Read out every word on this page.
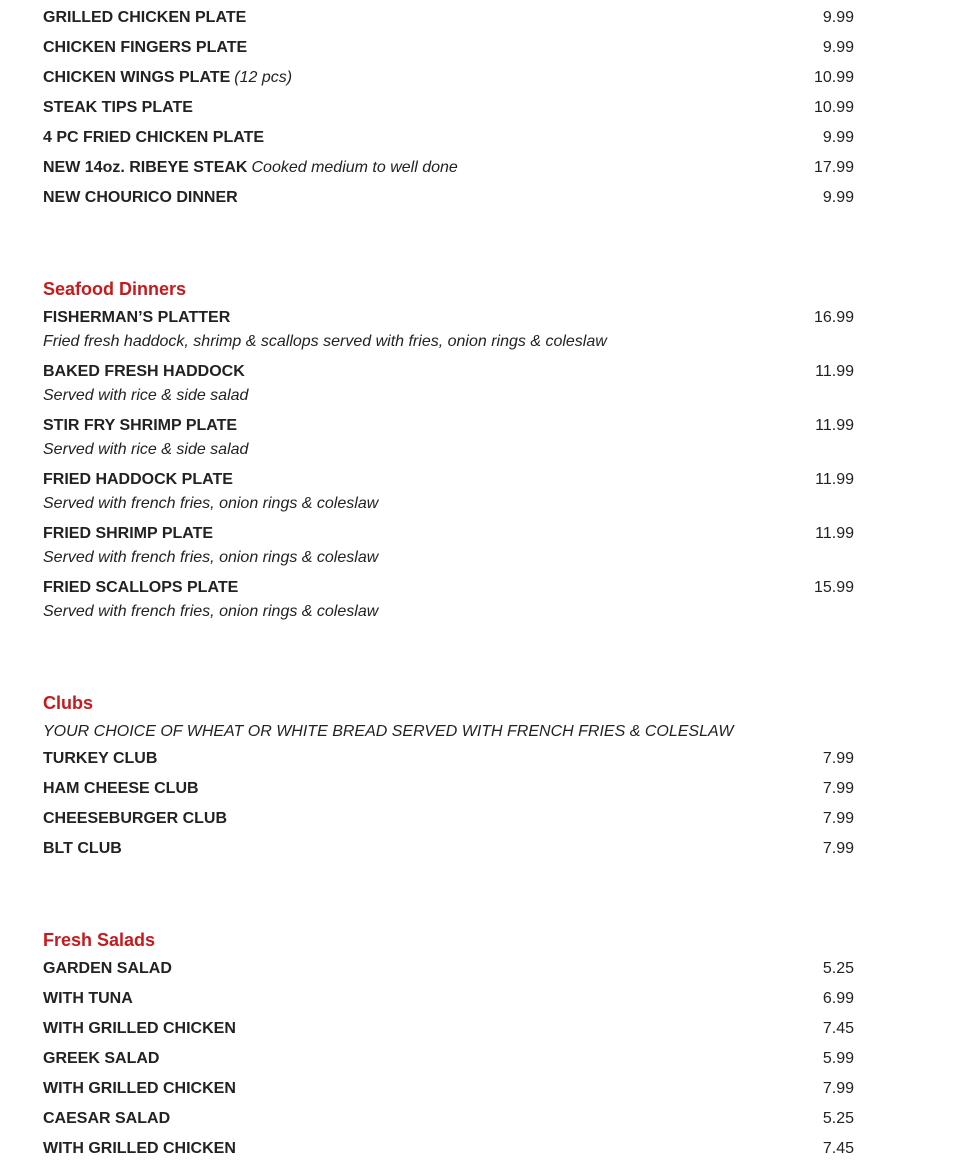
GRILLED CHICKEN PLATE	9.99
CHICKEN FINGERS PLATE	9.99
CHICKEN WINGS PLATE (12 pcs)	10.99
STEAK TIPS PLATE	10.99
4 PC FRIED CHICKEN PLATE	9.99
NEW 14oz. RIBEYE STEAK Cooked medium to well done	17.99
NEW CHOURICO DINNER	9.99
Seafood Dinners
FISHERMAN’S PLATTER	16.99
Fried fresh haddock, shrimp & scallops served with fries, onion rings & coleslaw
BAKED FRESH HADDOCK	11.99
Served with rice & side salad
STIR FRY SHRIMP PLATE	11.99
Served with rice & side salad
FRIED HADDOCK PLATE	11.99
Served with french fries, onion rings & coleslaw
FRIED SHRIMP PLATE	11.99
Served with french fries, onion rings & coleslaw
FRIED SCALLOPS PLATE	15.99
Served with french fries, onion rings & coleslaw
Clubs
YOUR CHOICE OF WHEAT OR WHITE BREAD SERVED WITH FRENCH FRIES & COLESLAW
TURKEY CLUB	7.99
HAM CHEESE CLUB	7.99
CHEESEBURGER CLUB	7.99
BLT CLUB	7.99
Fresh Salads
GARDEN SALAD	5.25
WITH TUNA	6.99
WITH GRILLED CHICKEN	7.45
GREEK SALAD	5.99
WITH GRILLED CHICKEN	7.99
CAESAR SALAD	5.25
WITH GRILLED CHICKEN	7.45
